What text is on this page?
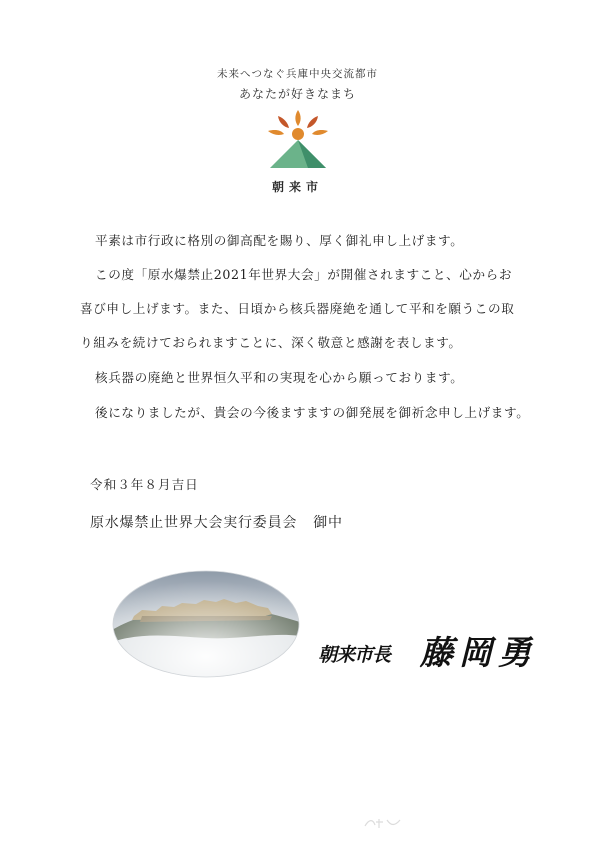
未来へつなぐ兵庫中央交流都市
あなたが好きなまち
朝来市
平素は市行政に格別の御高配を賜り、厚く御礼申し上げます。
この度「原水爆禁止2021年世界大会」が開催されますこと、心からお
喜び申し上げます。また、日頃から核兵器廃絶を通して平和を願うこの取
り組みを続けておられますことに、深く敬意と感謝を表します。
核兵器の廃絶と世界恒久平和の実現を心から願っております。
後になりましたが、貴会の今後ますますの御発展を御祈念申し上げます。
令和３年８月吉日
原水爆禁止世界大会実行委員会 御中
朝来市長 藤岡勇
